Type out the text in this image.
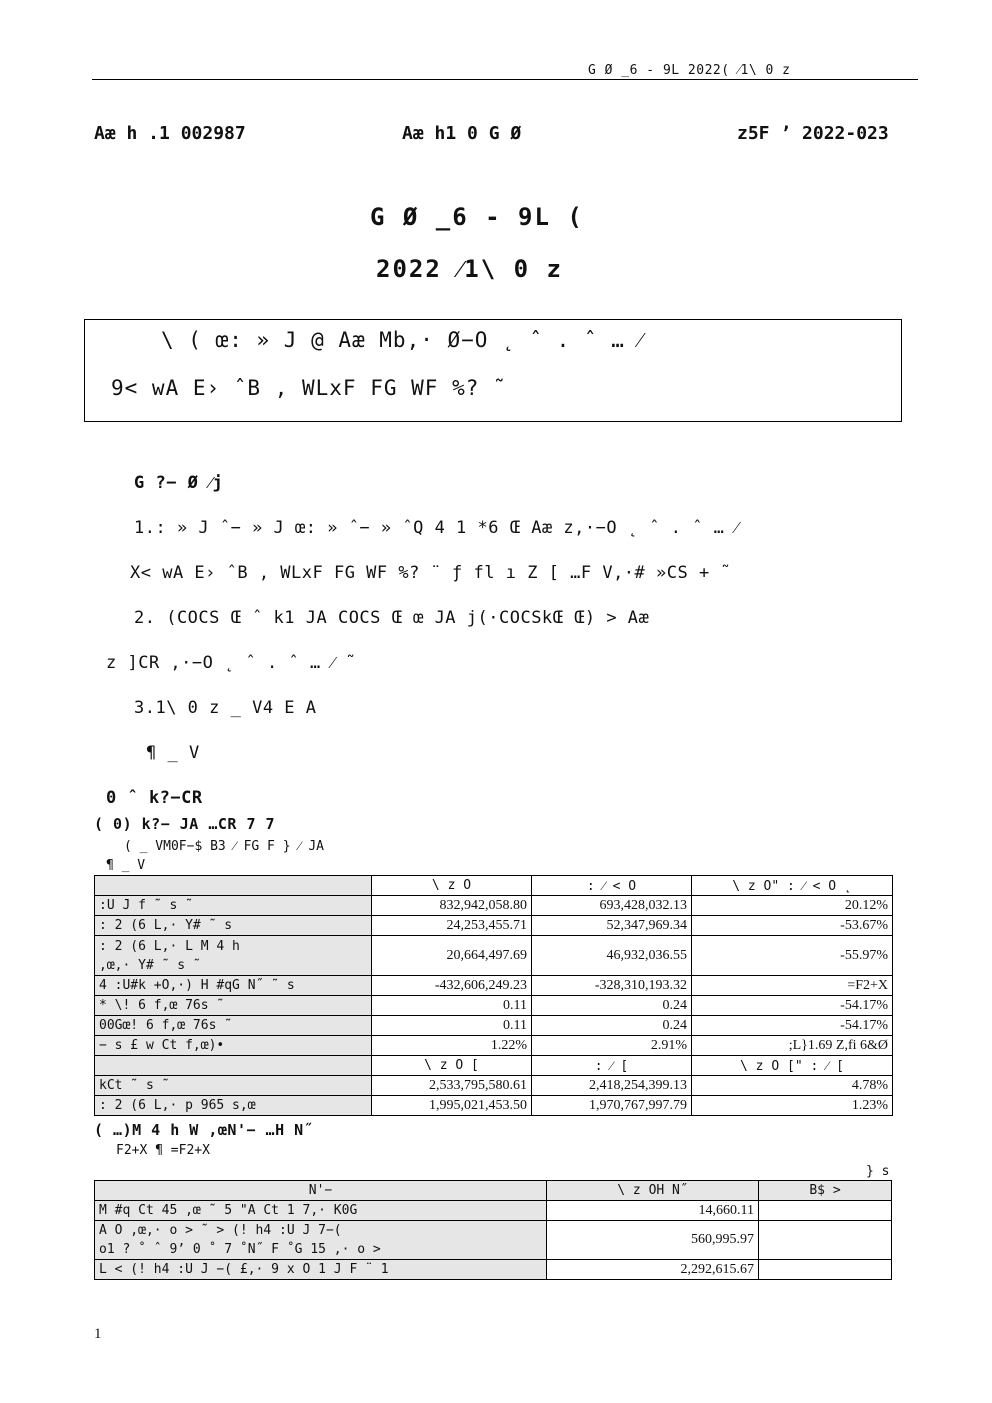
G Ø _6 - 9L 2022( ⁄1\ 0 z
Aæ h .1 002987	Aæ h1 0 G Ø	z5F ’ 2022-023
G Ø _6 - 9L (
2022 ⁄1\ 0 z
\ ( œ: » J @ Aæ Mb,· Ø−O ˛ ˆ . ˆ … ⁄
9< wA E› ˆB , WLxF FG WF %? ˜
G ?− Ø ⁄j
1.: » J ˆ− » J œ: » ˆ− » ˆQ 4 1 *6 Œ Aæ z,·−O ˛ ˆ . ˆ … ⁄
X< wA E› ˆB , WLxF FG WF %? ¨ ƒ fl ı Z [ …F V,·# »CS + ˜
2. (COCS Œ ˆ k1 JA COCS Œ œ JA j(·COCSkŒ Œ) > Aæ
z ]CR ,·−O ˛ ˆ . ˆ … ⁄ ˜
3.1\ 0 z _ V4 E A
¶ _ V
0 ˆ k?−CR
( 0) k?− JA …CR 7 7
( _ VM0F−$ B3 ⁄ FG F } ⁄ JA
¶ _ V
	\ z O	: ⁄ < O	\ z O" : ⁄ < O ˛
:U J f ˜ s ˜	832,942,058.80	693,428,032.13	20.12%
: 2 (6 L,· Y# ˜ s	24,253,455.71	52,347,969.34	-53.67%

: 2 (6 L,· L M 4 h
,œ,· Y# ˜ s ˜	20,664,497.69	46,932,036.55	-55.97%
4 :U#k +O,·) H #qG N˝ ˜ s	-432,606,249.23	-328,310,193.32	=F2+X
* \! 6 f,œ 76s ˜	0.11	0.24	-54.17%
00Gœ! 6 f,œ 76s ˜	0.11	0.24	-54.17%
− s £ w Ct f,œ)•	1.22%	2.91%	;L}1.69 Z,fi 6&Ø
	\ z O [	: ⁄ [	\ z O [" : ⁄ [
kCt ˜ s ˜	2,533,795,580.61	2,418,254,399.13	4.78%
: 2 (6 L,· p 965 s,œ	1,995,021,453.50	1,970,767,997.79	1.23%
( …)M 4 h W ,œN'− …H N˝
F2+X ¶ =F2+X
} s
N'−	\ z OH N˝	B$ >
M #q Ct 45 ,œ ˜ 5 "A Ct 1 7,· K0G	14,660.11	

A O ,œ,· o > ˜ > (! h4 :U J 7−(
o1 ? ˚ ˆ 9’ 0 ˚ 7 ˚N˝ F ˚G 15 ,· o >	560,995.97	
L < (! h4 :U J −( £,· 9 x O 1 J F ¨ 1	2,292,615.67	
1
